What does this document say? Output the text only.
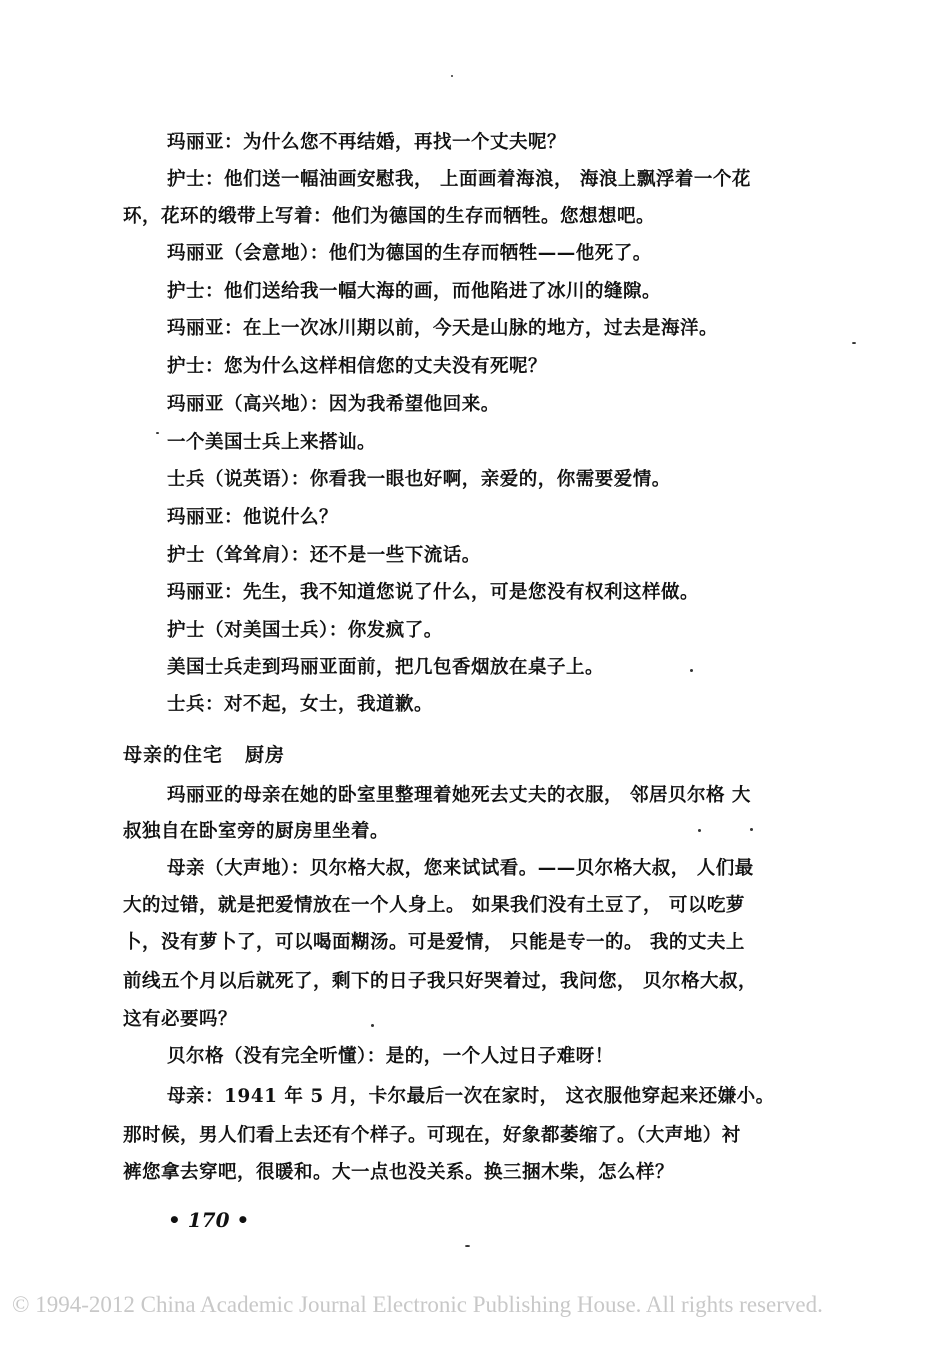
玛丽亚：为什么您不再结婚，再找一个丈夫呢？
护士：他们送一幅油画安慰我， 上面画着海浪， 海浪上飘浮着一个花
环，花环的缎带上写着：他们为德国的生存而牺牲。您想想吧。
玛丽亚（会意地）：他们为德国的生存而牺牲——他死了。
护士：他们送给我一幅大海的画，而他陷进了冰川的缝隙。
玛丽亚：在上一次冰川期以前，今天是山脉的地方，过去是海洋。
护士：您为什么这样相信您的丈夫没有死呢？
玛丽亚（高兴地）：因为我希望他回来。
一个美国士兵上来搭讪。
士兵（说英语）：你看我一眼也好啊，亲爱的，你需要爱情。
玛丽亚：他说什么？
护士（耸耸肩）：还不是一些下流话。
玛丽亚：先生，我不知道您说了什么，可是您没有权利这样做。
护士（对美国士兵）：你发疯了。
美国士兵走到玛丽亚面前，把几包香烟放在桌子上。
士兵：对不起，女士，我道歉。
母亲的住宅 厨房
玛丽亚的母亲在她的卧室里整理着她死去丈夫的衣服， 邻居贝尔格 大
叔独自在卧室旁的厨房里坐着。
母亲（大声地）：贝尔格大叔，您来试试看。——贝尔格大叔， 人们最
大的过错，就是把爱情放在一个人身上。 如果我们没有土豆了， 可以吃萝
卜，没有萝卜了，可以喝面糊汤。可是爱情， 只能是专一的。 我的丈夫上
前线五个月以后就死了，剩下的日子我只好哭着过，我问您， 贝尔格大叔，
这有必要吗？
贝尔格（没有完全听懂）：是的，一个人过日子难呀！
母亲：1941 年 5 月，卡尔最后一次在家时， 这衣服他穿起来还嫌小。
那时候，男人们看上去还有个样子。可现在，好象都萎缩了。（大声地）衬
裤您拿去穿吧，很暖和。大一点也没关系。换三捆木柴，怎么样？
• 170 •
© 1994-2012 China Academic Journal Electronic Publishing House. All rights reserved.
